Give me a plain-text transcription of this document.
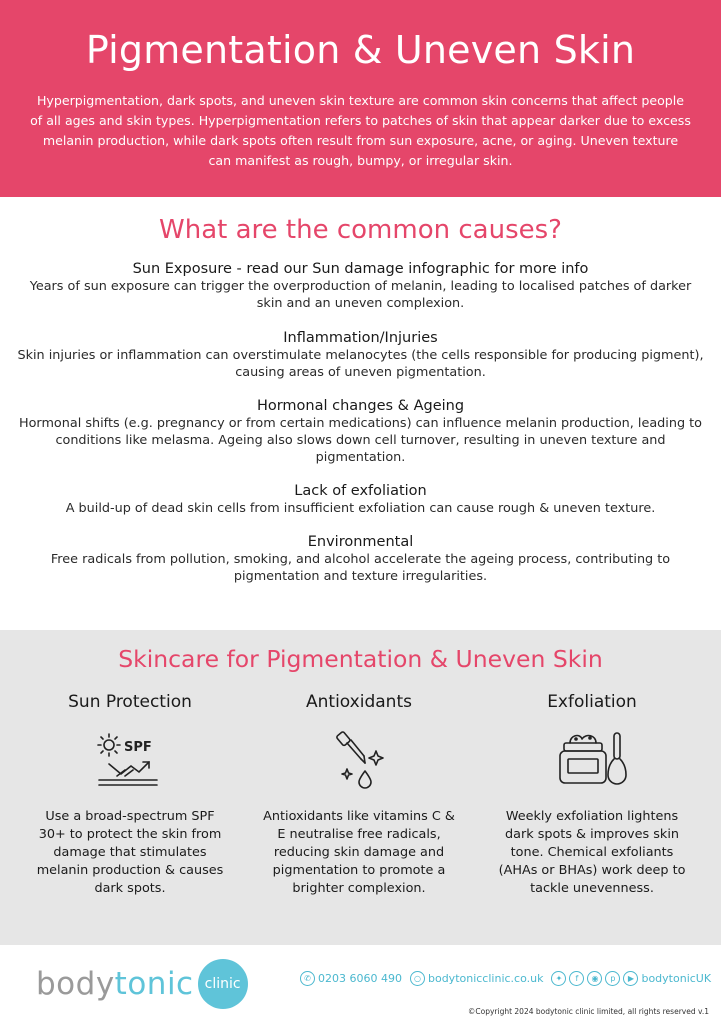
Pigmentation & Uneven Skin

Hyperpigmentation, dark spots, and uneven skin texture are common skin concerns that affect people of all ages and skin types. Hyperpigmentation refers to patches of skin that appear darker due to excess melanin production, while dark spots often result from sun exposure, acne, or aging. Uneven texture can manifest as rough, bumpy, or irregular skin.

What are the common causes?
Sun Exposure - read our Sun damage infographic for more info

Years of sun exposure can trigger the overproduction of melanin, leading to localised patches of darker skin and an uneven complexion.

Inflammation/Injuries

Skin injuries or inflammation can overstimulate melanocytes (the cells responsible for producing pigment), causing areas of uneven pigmentation.

Hormonal changes & Ageing

Hormonal shifts (e.g. pregnancy or from certain medications) can influence melanin production, leading to conditions like melasma. Ageing also slows down cell turnover, resulting in uneven texture and pigmentation.

Lack of exfoliation

A build-up of dead skin cells from insufficient exfoliation can cause rough & uneven texture.

Environmental

Free radicals from pollution, smoking, and alcohol accelerate the ageing process, contributing to pigmentation and texture irregularities.

Skincare for Pigmentation & Uneven Skin
Sun Protection
SPF

Use a broad-spectrum SPF 30+ to protect the skin from damage that stimulates melanin production & causes dark spots.

Antioxidants

Antioxidants like vitamins C & E neutralise free radicals, reducing skin damage and pigmentation to promote a brighter complexion.

Exfoliation

Weekly exfoliation lightens dark spots & improves skin tone. Chemical exfoliants (AHAs or BHAs) work deep to tackle unevenness.

body tonic clinic	✆ 0203 6060 490	○ bodytonicclinic.co.uk	✦	f	◉	p	▶ bodytonicUK
©Copyright 2024 bodytonic clinic limited, all rights reserved v.1
